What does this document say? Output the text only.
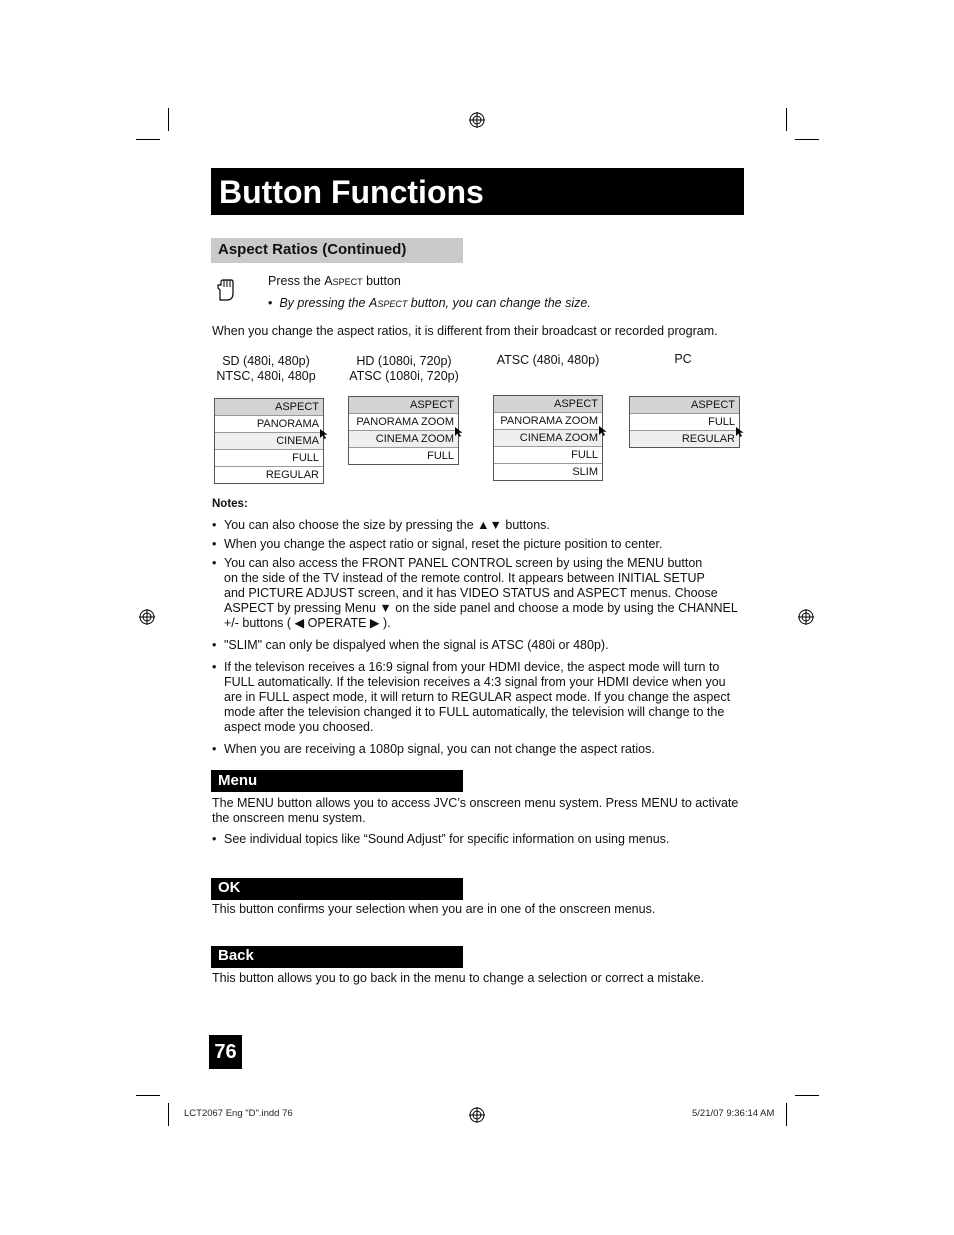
Button Functions
Aspect Ratios (Continued)
Press the Aspect button
• By pressing the Aspect button, you can change the size.
When you change the aspect ratios, it is different from their broadcast or recorded program.
SD (480i, 480p)
NTSC, 480i, 480p
HD (1080i, 720p)
ATSC (1080i, 720p)
ATSC (480i, 480p)	PC
ASPECT
PANORAMA
CINEMA
FULL
REGULAR
ASPECT
PANORAMA ZOOM
CINEMA ZOOM
FULL
ASPECT
PANORAMA ZOOM
CINEMA ZOOM
FULL
SLIM
ASPECT
FULL
REGULAR
Notes:
• You can also choose the size by pressing the ▲▼ buttons.
• When you change the aspect ratio or signal, reset the picture position to center.
• You can also access the FRONT PANEL CONTROL screen by using the MENU button
on the side of the TV instead of the remote control. It appears between INITIAL SETUP
and PICTURE ADJUST screen, and it has VIDEO STATUS and ASPECT menus. Choose
ASPECT by pressing Menu ▼ on the side panel and choose a mode by using the CHANNEL
+/- buttons ( ◀ OPERATE ▶ ).
• "SLIM" can only be dispalyed when the signal is ATSC (480i or 480p).
• If the televison receives a 16:9 signal from your HDMI device, the aspect mode will turn to
FULL automatically. If the television receives a 4:3 signal from your HDMI device when you
are in FULL aspect mode, it will return to REGULAR aspect mode. If you change the aspect
mode after the television changed it to FULL automatically, the television will change to the
aspect mode you choosed.
• When you are receiving a 1080p signal, you can not change the aspect ratios.
Menu
The MENU button allows you to access JVC’s onscreen menu system. Press MENU to activate
the onscreen menu system.
• See individual topics like “Sound Adjust” for specific information on using menus.
OK
This button confirms your selection when you are in one of the onscreen menus.
Back
This button allows you to go back in the menu to change a selection or correct a mistake.
76
LCT2067 Eng "D".indd 76	5/21/07 9:36:14 AM
